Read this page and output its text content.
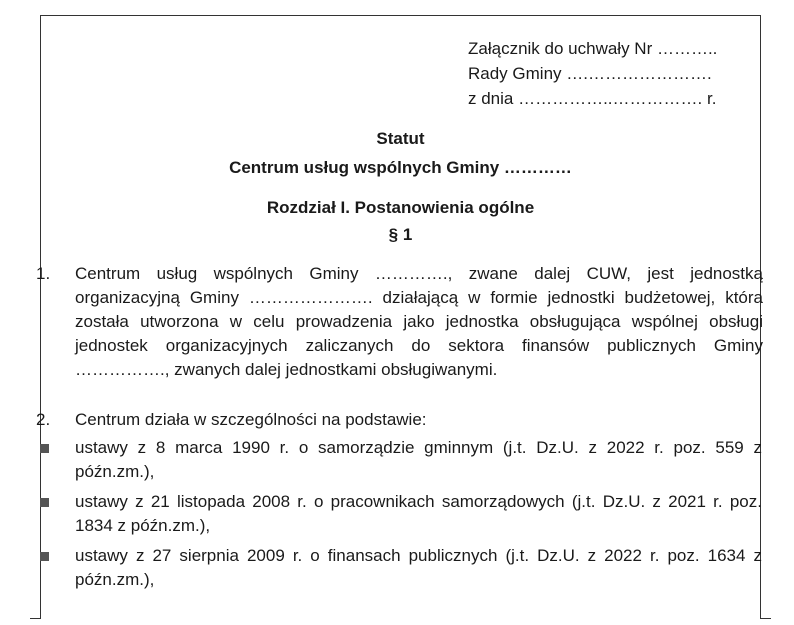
Załącznik do uchwały Nr ………..
Rady Gminy ….………………….
z dnia ……………..……………. r.
Statut
Centrum usług wspólnych Gminy …………
Rozdział I. Postanowienia ogólne
§ 1
1. Centrum usług wspólnych Gminy …………., zwane dalej CUW, jest jednostką organizacyjną Gminy …………………. działającą w formie jednostki budżetowej, która została utworzona w celu prowadzenia jako jednostka obsługująca wspólnej obsługi jednostek organizacyjnych zaliczanych do sektora finansów publicznych Gminy ……………., zwanych dalej jednostkami obsługiwanymi.
2. Centrum działa w szczególności na podstawie:
ustawy z 8 marca 1990 r. o samorządzie gminnym (j.t. Dz.U. z 2022 r. poz. 559 z późn.zm.),
ustawy z 21 listopada 2008 r. o pracownikach samorządowych (j.t. Dz.U. z 2021 r. poz. 1834 z późn.zm.),
ustawy z 27 sierpnia 2009 r. o finansach publicznych (j.t. Dz.U. z 2022 r. poz. 1634 z późn.zm.),
